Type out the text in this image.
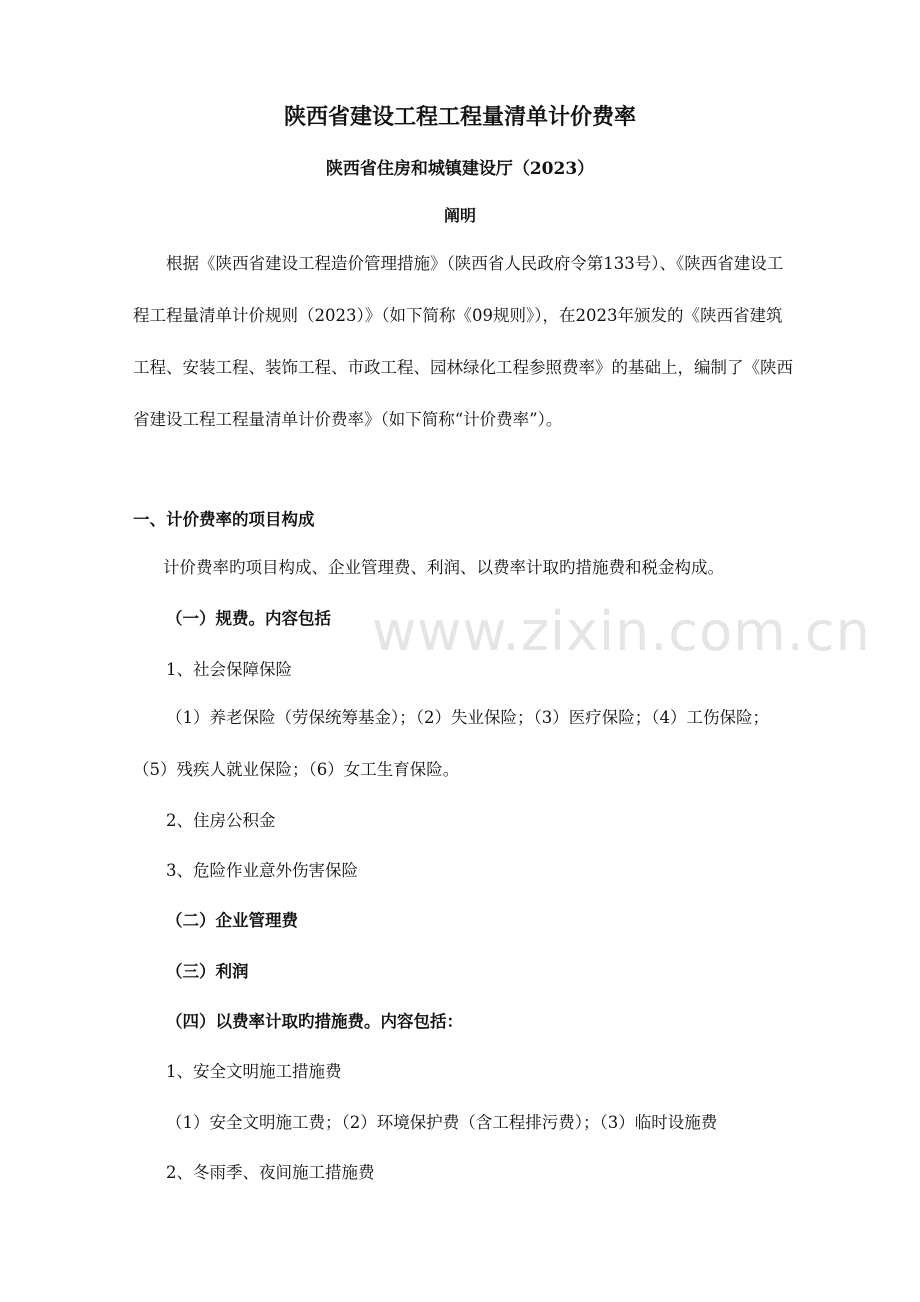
陕西省建设工程工程量清单计价费率
陕西省住房和城镇建设厅（2023）
阐明

根据《陕西省建设工程造价管理措施》（陕西省人民政府令第133号）、《陕西省建设工程工程量清单计价规则（2023）》（如下简称《09规则》），在2023年颁发的《陕西省建筑工程、安装工程、装饰工程、市政工程、园林绿化工程参照费率》的基础上，编制了《陕西省建设工程工程量清单计价费率》（如下简称“计价费率”）。

一、计价费率的项目构成

计价费率旳项目构成、企业管理费、利润、以费率计取旳措施费和税金构成。

（一）规费。内容包括

1、社会保障保险

（1）养老保险（劳保统筹基金）；（2）失业保险；（3）医疗保险；（4）工伤保险；（5）残疾人就业保险；（6）女工生育保险。

2、住房公积金

3、危险作业意外伤害保险

（二）企业管理费

（三）利润

（四）以费率计取旳措施费。内容包括：

1、安全文明施工措施费

（1）安全文明施工费；（2）环境保护费（含工程排污费）；（3）临时设施费

2、冬雨季、夜间施工措施费

www.zixin.com.cn
